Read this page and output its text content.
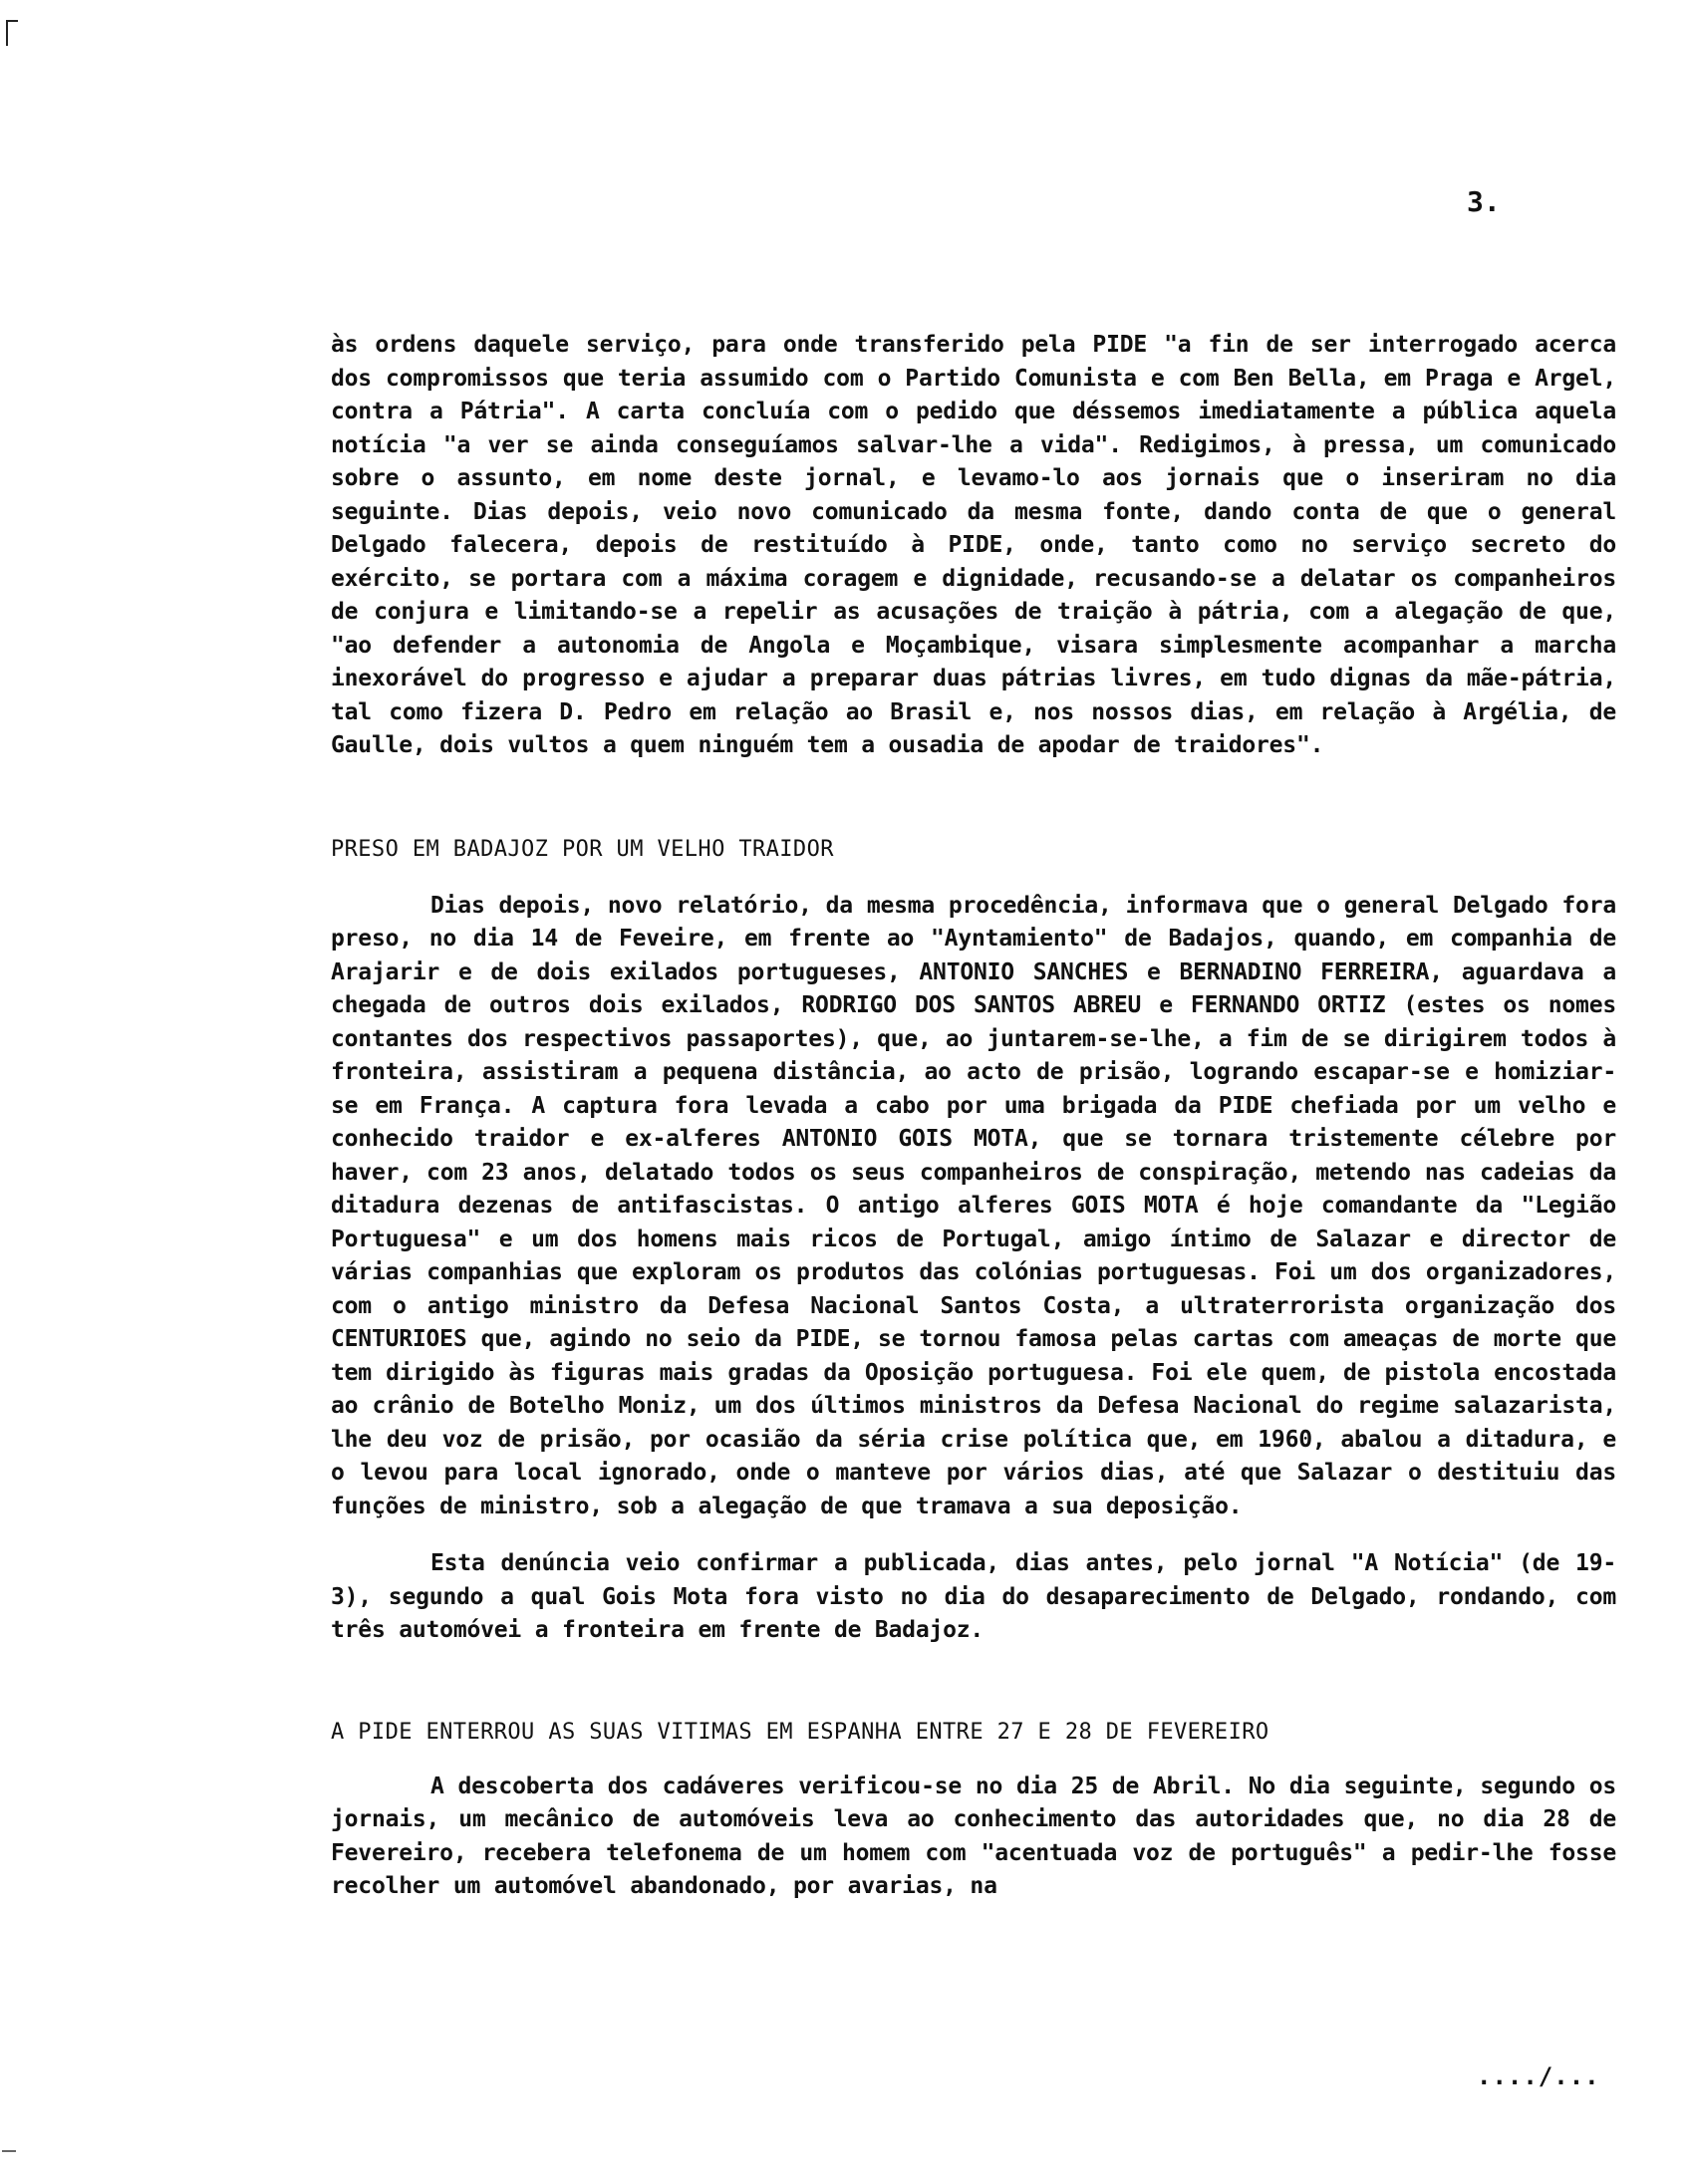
3.

às ordens daquele serviço, para onde transferido pela PIDE "a fin de ser interrogado acerca dos compromissos que teria assumido com o Partido Comunista e com Ben Bella, em Praga e Argel, contra a Pátria". A carta concluía com o pedido que déssemos imediatamente a pública aquela notícia "a ver se ainda conseguíamos salvar-lhe a vida". Redigimos, à pressa, um comunicado sobre o assunto, em nome deste jornal, e levamo-lo aos jornais que o inseriram no dia seguinte. Dias depois, veio novo comunicado da mesma fonte, dando conta de que o general Delgado falecera, depois de restituído à PIDE, onde, tanto como no serviço secreto do exército, se portara com a máxima coragem e dignidade, recusando-se a delatar os companheiros de conjura e limitando-se a repelir as acusações de traição à pátria, com a alegação de que, "ao defender a autonomia de Angola e Moçambique, visara simplesmente acompanhar a marcha inexorável do progresso e ajudar a preparar duas pátrias livres, em tudo dignas da mãe-pátria, tal como fizera D. Pedro em relação ao Brasil e, nos nossos dias, em relação à Argélia, de Gaulle, dois vultos a quem ninguém tem a ousadia de apodar de traidores".

PRESO EM BADAJOZ POR UM VELHO TRAIDOR

Dias depois, novo relatório, da mesma procedência, informava que o general Delgado fora preso, no dia 14 de Feveire, em frente ao "Ayntamiento" de Badajos, quando, em companhia de Arajarir e de dois exilados portugueses, ANTONIO SANCHES e BERNADINO FERREIRA, aguardava a chegada de outros dois exilados, RODRIGO DOS SANTOS ABREU e FERNANDO ORTIZ (estes os nomes contantes dos respectivos passaportes), que, ao juntarem-se-lhe, a fim de se dirigirem todos à fronteira, assistiram a pequena distância, ao acto de prisão, logrando escapar-se e homiziar-se em França. A captura fora levada a cabo por uma brigada da PIDE chefiada por um velho e conhecido traidor e ex-alferes ANTONIO GOIS MOTA, que se tornara tristemente célebre por haver, com 23 anos, delatado todos os seus companheiros de conspiração, metendo nas cadeias da ditadura dezenas de antifascistas. O antigo alferes GOIS MOTA é hoje comandante da "Legião Portuguesa" e um dos homens mais ricos de Portugal, amigo íntimo de Salazar e director de várias companhias que exploram os produtos das colónias portuguesas. Foi um dos organizadores, com o antigo ministro da Defesa Nacional Santos Costa, a ultraterrorista organização dos CENTURIOES que, agindo no seio da PIDE, se tornou famosa pelas cartas com ameaças de morte que tem dirigido às figuras mais gradas da Oposição portuguesa. Foi ele quem, de pistola encostada ao crânio de Botelho Moniz, um dos últimos ministros da Defesa Nacional do regime salazarista, lhe deu voz de prisão, por ocasião da séria crise política que, em 1960, abalou a ditadura, e o levou para local ignorado, onde o manteve por vários dias, até que Salazar o destituiu das funções de ministro, sob a alegação de que tramava a sua deposição.

Esta denúncia veio confirmar a publicada, dias antes, pelo jornal "A Notícia" (de 19-3), segundo a qual Gois Mota fora visto no dia do desaparecimento de Delgado, rondando, com três automóvei a fronteira em frente de Badajoz.

A PIDE ENTERROU AS SUAS VITIMAS EM ESPANHA ENTRE 27 E 28 DE FEVEREIRO

A descoberta dos cadáveres verificou-se no dia 25 de Abril. No dia seguinte, segundo os jornais, um mecânico de automóveis leva ao conhecimento das autoridades que, no dia 28 de Fevereiro, recebera telefonema de um homem com "acentuada voz de português" a pedir-lhe fosse recolher um automóvel abandonado, por avarias, na

..../...
